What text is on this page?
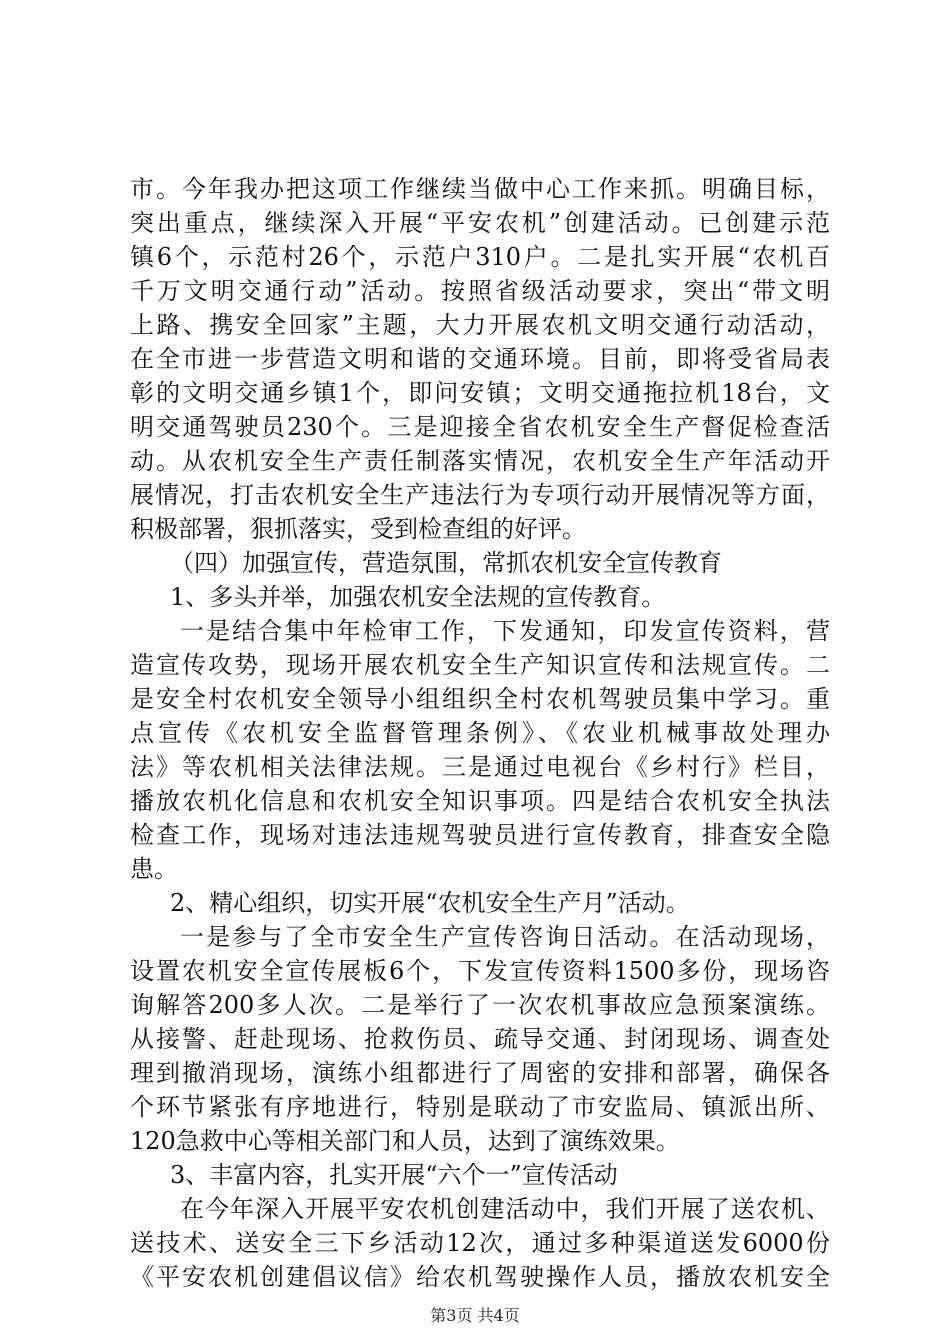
市。今年我办把这项工作继续当做中心工作来抓。明确目标，
突出重点，继续深入开展“平安农机”创建活动。已创建示范
镇6个，示范村26个，示范户310户。二是扎实开展“农机百
千万文明交通行动”活动。按照省级活动要求，突出“带文明
上路、携安全回家”主题，大力开展农机文明交通行动活动，
在全市进一步营造文明和谐的交通环境。目前，即将受省局表
彰的文明交通乡镇1个，即问安镇；文明交通拖拉机18台，文
明交通驾驶员230个。三是迎接全省农机安全生产督促检查活
动。从农机安全生产责任制落实情况，农机安全生产年活动开
展情况，打击农机安全生产违法行为专项行动开展情况等方面，
积极部署，狠抓落实，受到检查组的好评。
（四）加强宣传，营造氛围，常抓农机安全宣传教育
1、多头并举，加强农机安全法规的宣传教育。
一是结合集中年检审工作，下发通知，印发宣传资料，营
造宣传攻势，现场开展农机安全生产知识宣传和法规宣传。二
是安全村农机安全领导小组组织全村农机驾驶员集中学习。重
点宣传《农机安全监督管理条例》、《农业机械事故处理办
法》等农机相关法律法规。三是通过电视台《乡村行》栏目，
播放农机化信息和农机安全知识事项。四是结合农机安全执法
检查工作，现场对违法违规驾驶员进行宣传教育，排查安全隐
患。
2、精心组织，切实开展“农机安全生产月”活动。
一是参与了全市安全生产宣传咨询日活动。在活动现场，
设置农机安全宣传展板6个，下发宣传资料1500多份，现场咨
询解答200多人次。二是举行了一次农机事故应急预案演练。
从接警、赶赴现场、抢救伤员、疏导交通、封闭现场、调查处
理到撤消现场，演练小组都进行了周密的安排和部署，确保各
个环节紧张有序地进行，特别是联动了市安监局、镇派出所、
120急救中心等相关部门和人员，达到了演练效果。
3、丰富内容，扎实开展“六个一”宣传活动
在今年深入开展平安农机创建活动中，我们开展了送农机、
送技术、送安全三下乡活动12次，通过多种渠道送发6000份
《平安农机创建倡议信》给农机驾驶操作人员，播放农机安全
第3页 共4页
